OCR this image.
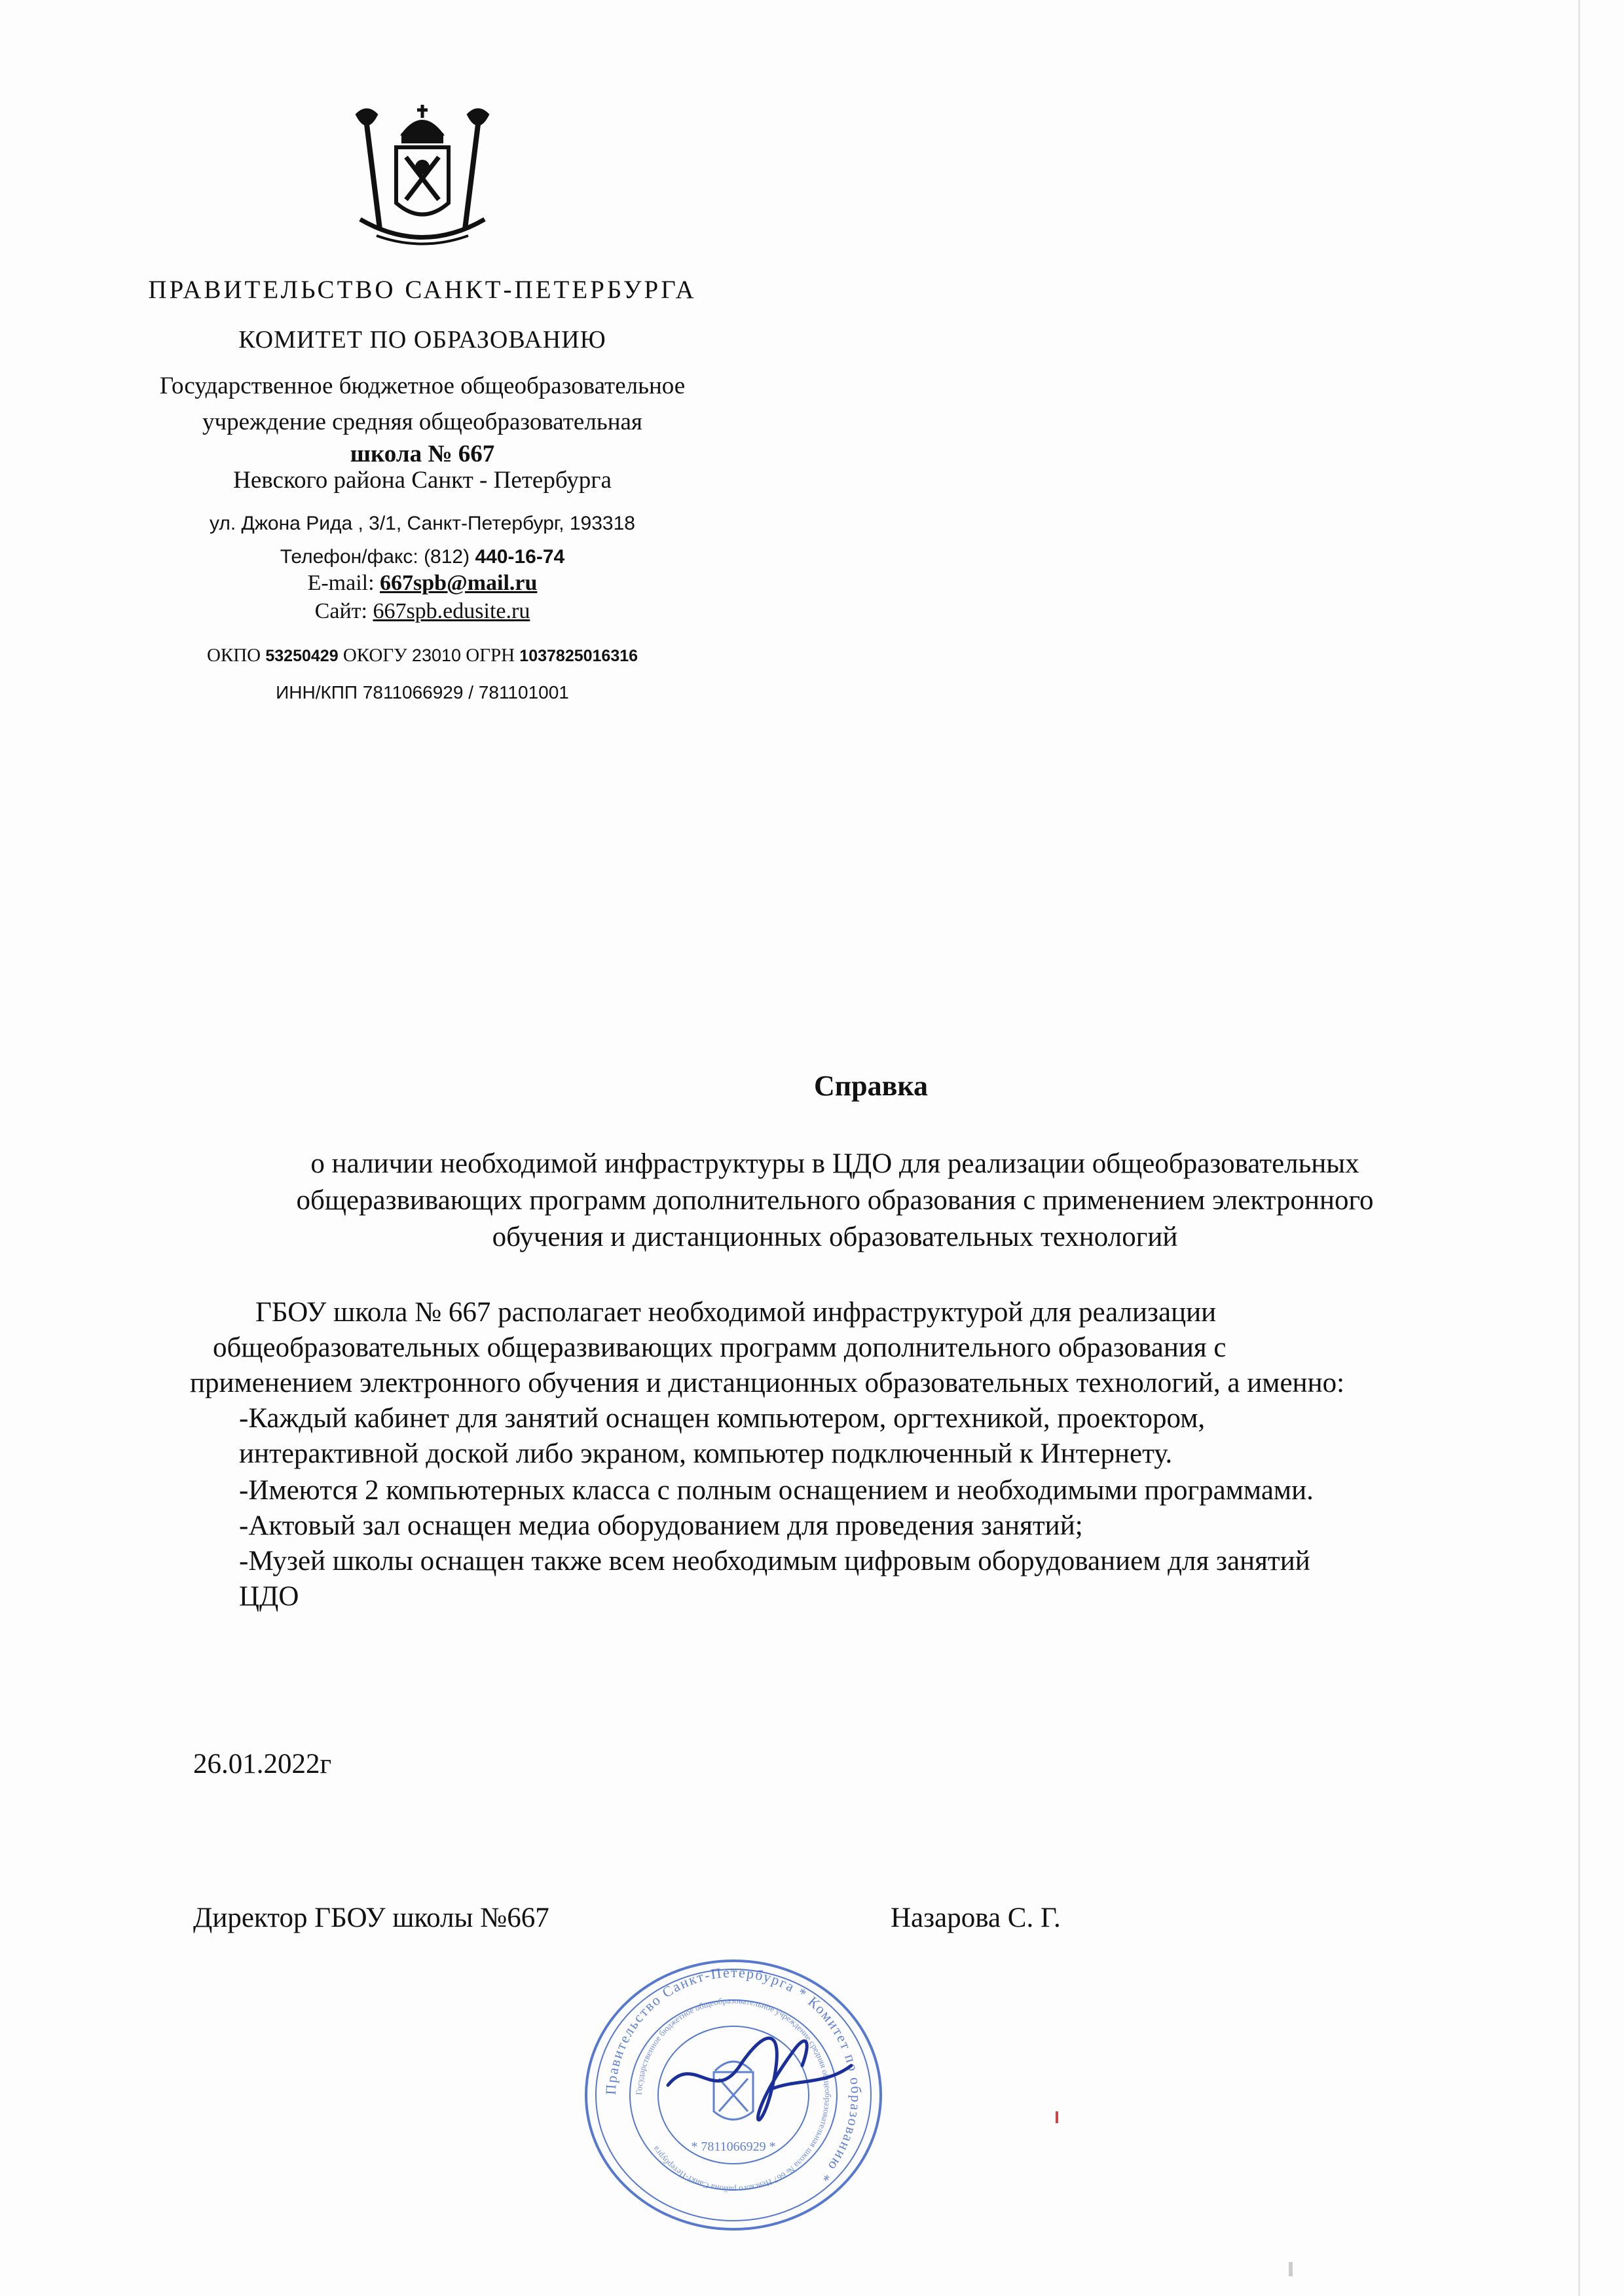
ПРАВИТЕЛЬСТВО САНКТ-ПЕТЕРБУРГА
КОМИТЕТ ПО ОБРАЗОВАНИЮ
Государственное бюджетное общеобразовательное
учреждение средняя общеобразовательная
школа № 667
Невского района Санкт - Петербурга
ул. Джона Рида , 3/1, Санкт-Петербург, 193318
Телефон/факс: (812) 440-16-74
E-mail: 667spb@mail.ru
Сайт: 667spb.edusite.ru
ОКПО 53250429 ОКОГУ 23010 ОГРН 1037825016316
ИНН/КПП 7811066929 / 781101001
Справка
о наличии необходимой инфраструктуры в ЦДО для реализации общеобразовательных
общеразвивающих программ дополнительного образования с применением электронного
обучения и дистанционных образовательных технологий
ГБОУ школа № 667 располагает необходимой инфраструктурой для реализации
общеобразовательных общеразвивающих программ дополнительного образования с
применением электронного обучения и дистанционных образовательных технологий, а именно:
-Каждый кабинет для занятий оснащен компьютером, оргтехникой, проектором,
интерактивной доской либо экраном, компьютер подключенный к Интернету.
-Имеются 2 компьютерных класса с полным оснащением и необходимыми программами.
-Актовый зал оснащен медиа оборудованием для проведения занятий;
-Музей школы оснащен также всем необходимым цифровым оборудованием для занятий
ЦДО
26.01.2022г
Директор ГБОУ школы №667	Назарова С. Г.
Правительство Санкт-Петербурга * Комитет по образованию *
Государственное бюджетное общеобразовательное учреждение средняя общеобразовательная школа № 667 Невского района Санкт-Петербурга	* 7811066929 *
